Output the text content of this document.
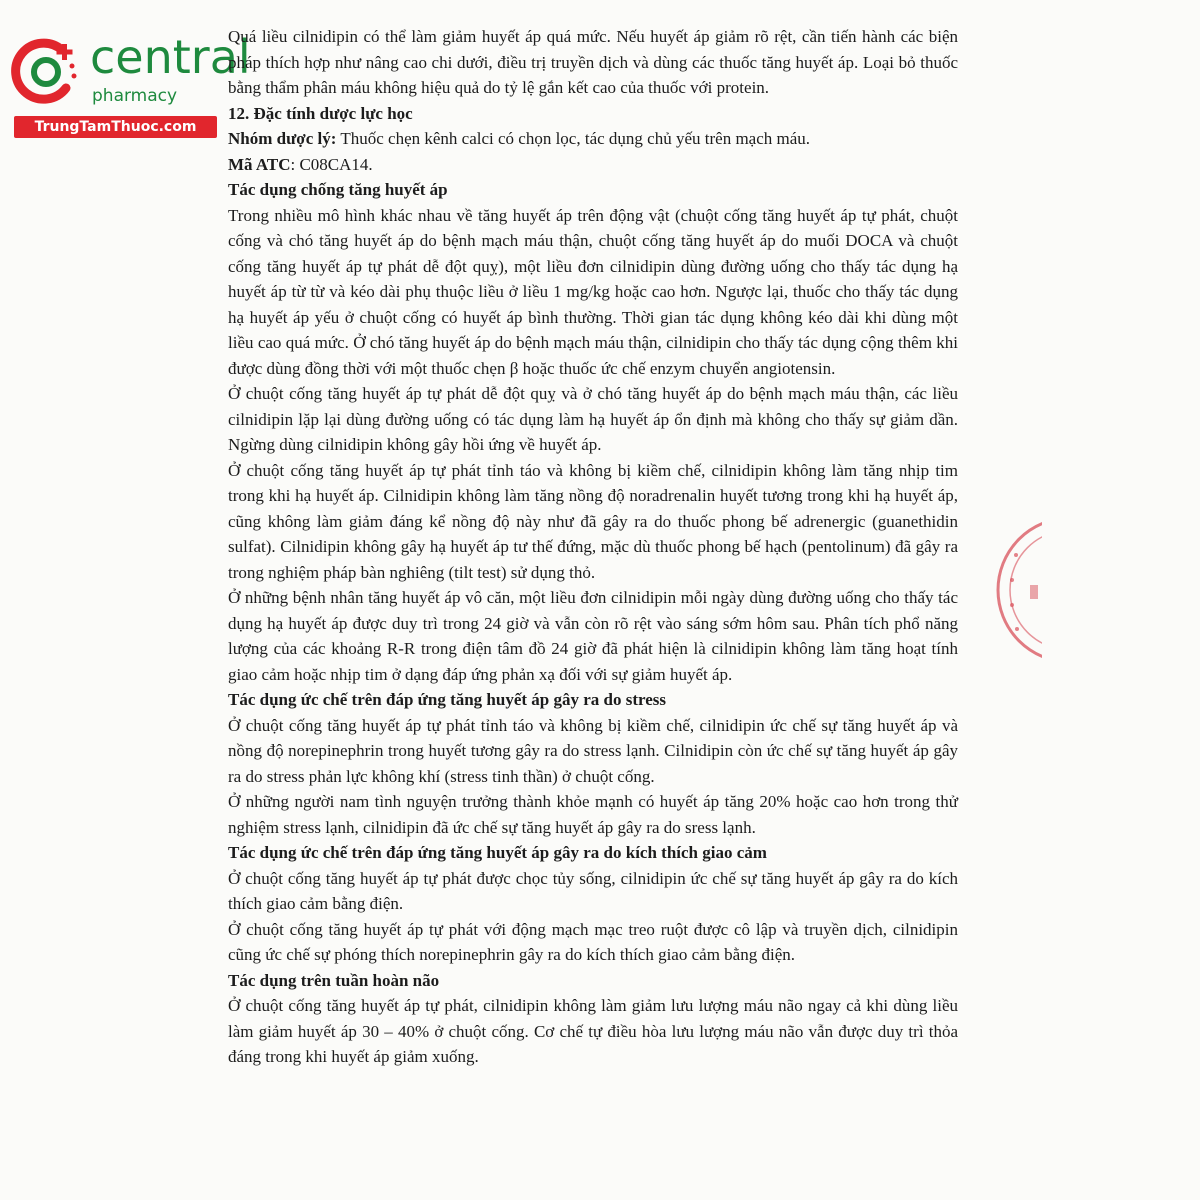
central
pharmacy
TrungTamThuoc.com

Quá liều cilnidipin có thể làm giảm huyết áp quá mức. Nếu huyết áp giảm rõ rệt, cần tiến hành các biện pháp thích hợp như nâng cao chi dưới, điều trị truyền dịch và dùng các thuốc tăng huyết áp. Loại bỏ thuốc bằng thẩm phân máu không hiệu quả do tỷ lệ gắn kết cao của thuốc với protein.

12. Đặc tính dược lực học

Nhóm dược lý: Thuốc chẹn kênh calci có chọn lọc, tác dụng chủ yếu trên mạch máu.

Mã ATC: C08CA14.

Tác dụng chống tăng huyết áp

Trong nhiều mô hình khác nhau về tăng huyết áp trên động vật (chuột cống tăng huyết áp tự phát, chuột cống và chó tăng huyết áp do bệnh mạch máu thận, chuột cống tăng huyết áp do muối DOCA và chuột cống tăng huyết áp tự phát dễ đột quỵ), một liều đơn cilnidipin dùng đường uống cho thấy tác dụng hạ huyết áp từ từ và kéo dài phụ thuộc liều ở liều 1 mg/kg hoặc cao hơn. Ngược lại, thuốc cho thấy tác dụng hạ huyết áp yếu ở chuột cống có huyết áp bình thường. Thời gian tác dụng không kéo dài khi dùng một liều cao quá mức. Ở chó tăng huyết áp do bệnh mạch máu thận, cilnidipin cho thấy tác dụng cộng thêm khi được dùng đồng thời với một thuốc chẹn β hoặc thuốc ức chế enzym chuyển angiotensin.

Ở chuột cống tăng huyết áp tự phát dễ đột quỵ và ở chó tăng huyết áp do bệnh mạch máu thận, các liều cilnidipin lặp lại dùng đường uống có tác dụng làm hạ huyết áp ổn định mà không cho thấy sự giảm dần. Ngừng dùng cilnidipin không gây hồi ứng về huyết áp.

Ở chuột cống tăng huyết áp tự phát tỉnh táo và không bị kiềm chế, cilnidipin không làm tăng nhịp tim trong khi hạ huyết áp. Cilnidipin không làm tăng nồng độ noradrenalin huyết tương trong khi hạ huyết áp, cũng không làm giảm đáng kể nồng độ này như đã gây ra do thuốc phong bế adrenergic (guanethidin sulfat). Cilnidipin không gây hạ huyết áp tư thế đứng, mặc dù thuốc phong bế hạch (pentolinum) đã gây ra trong nghiệm pháp bàn nghiêng (tilt test) sử dụng thỏ.

Ở những bệnh nhân tăng huyết áp vô căn, một liều đơn cilnidipin mỗi ngày dùng đường uống cho thấy tác dụng hạ huyết áp được duy trì trong 24 giờ và vẫn còn rõ rệt vào sáng sớm hôm sau. Phân tích phổ năng lượng của các khoảng R-R trong điện tâm đồ 24 giờ đã phát hiện là cilnidipin không làm tăng hoạt tính giao cảm hoặc nhịp tim ở dạng đáp ứng phản xạ đối với sự giảm huyết áp.

Tác dụng ức chế trên đáp ứng tăng huyết áp gây ra do stress

Ở chuột cống tăng huyết áp tự phát tỉnh táo và không bị kiềm chế, cilnidipin ức chế sự tăng huyết áp và nồng độ norepinephrin trong huyết tương gây ra do stress lạnh. Cilnidipin còn ức chế sự tăng huyết áp gây ra do stress phản lực không khí (stress tinh thần) ở chuột cống.

Ở những người nam tình nguyện trưởng thành khỏe mạnh có huyết áp tăng 20% hoặc cao hơn trong thử nghiệm stress lạnh, cilnidipin đã ức chế sự tăng huyết áp gây ra do sress lạnh.

Tác dụng ức chế trên đáp ứng tăng huyết áp gây ra do kích thích giao cảm

Ở chuột cống tăng huyết áp tự phát được chọc tủy sống, cilnidipin ức chế sự tăng huyết áp gây ra do kích thích giao cảm bằng điện.

Ở chuột cống tăng huyết áp tự phát với động mạch mạc treo ruột được cô lập và truyền dịch, cilnidipin cũng ức chế sự phóng thích norepinephrin gây ra do kích thích giao cảm bằng điện.

Tác dụng trên tuần hoàn não

Ở chuột cống tăng huyết áp tự phát, cilnidipin không làm giảm lưu lượng máu não ngay cả khi dùng liều làm giảm huyết áp 30 – 40% ở chuột cống. Cơ chế tự điều hòa lưu lượng máu não vẫn được duy trì thỏa đáng trong khi huyết áp giảm xuống.
